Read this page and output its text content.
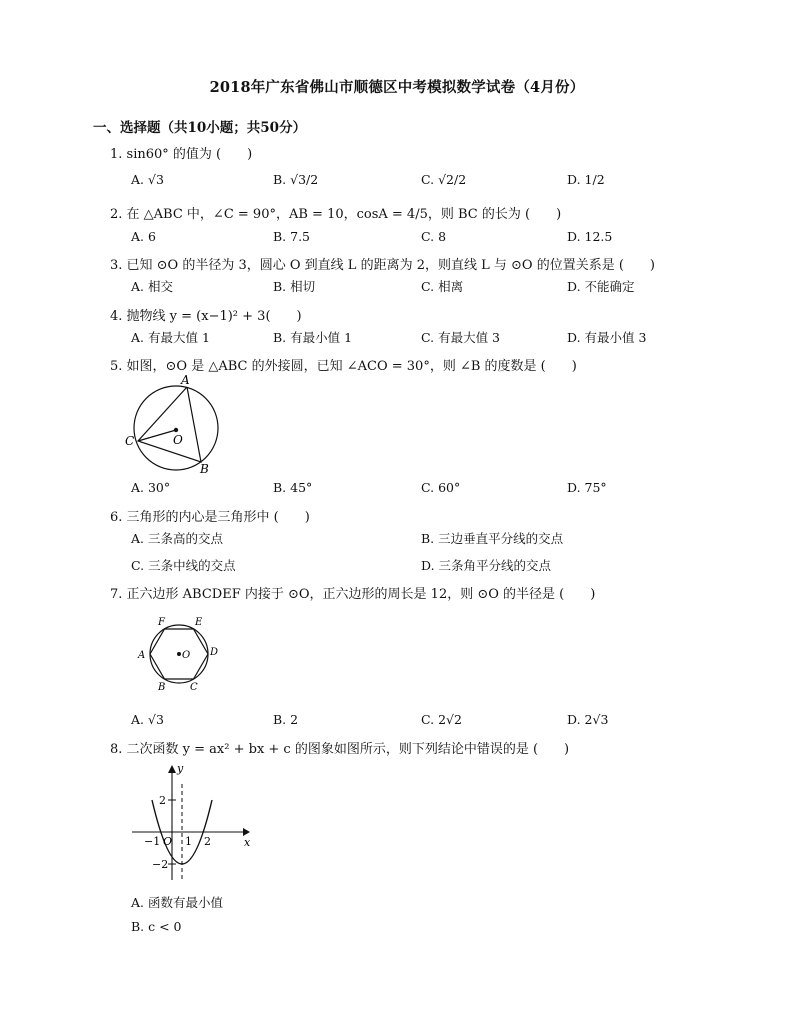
2018年广东省佛山市顺德区中考模拟数学试卷（4月份）
一、选择题（共10小题；共50分）
1. sin60° 的值为 (　　)
A. √3	B. √3/2	C. √2/2	D. 1/2
2. 在 △ABC 中，∠C = 90°，AB = 10，cosA = 4/5，则 BC 的长为 (　　)
A. 6	B. 7.5	C. 8	D. 12.5
3. 已知 ⊙O 的半径为 3，圆心 O 到直线 L 的距离为 2，则直线 L 与 ⊙O 的位置关系是 (　　)
A. 相交	B. 相切	C. 相离	D. 不能确定
4. 抛物线 y = (x−1)² + 3(　　)
A. 有最大值 1	B. 有最小值 1	C. 有最大值 3	D. 有最小值 3
5. 如图，⊙O 是 △ABC 的外接圆，已知 ∠ACO = 30°，则 ∠B 的度数是 (　　)
A
C	O
B
A. 30°	B. 45°	C. 60°	D. 75°
6. 三角形的内心是三角形中 (　　)
A. 三条高的交点	B. 三边垂直平分线的交点
C. 三条中线的交点	D. 三条角平分线的交点
7. 正六边形 ABCDEF 内接于 ⊙O，正六边形的周长是 12，则 ⊙O 的半径是 (　　)
F	E
A	O D
B C
A. √3	B. 2	C. 2√2	D. 2√3
8. 二次函数 y = ax² + bx + c 的图象如图所示，则下列结论中错误的是 (　　)
y
x
2
−2
−1 O 1 2
A. 函数有最小值
B. c < 0
